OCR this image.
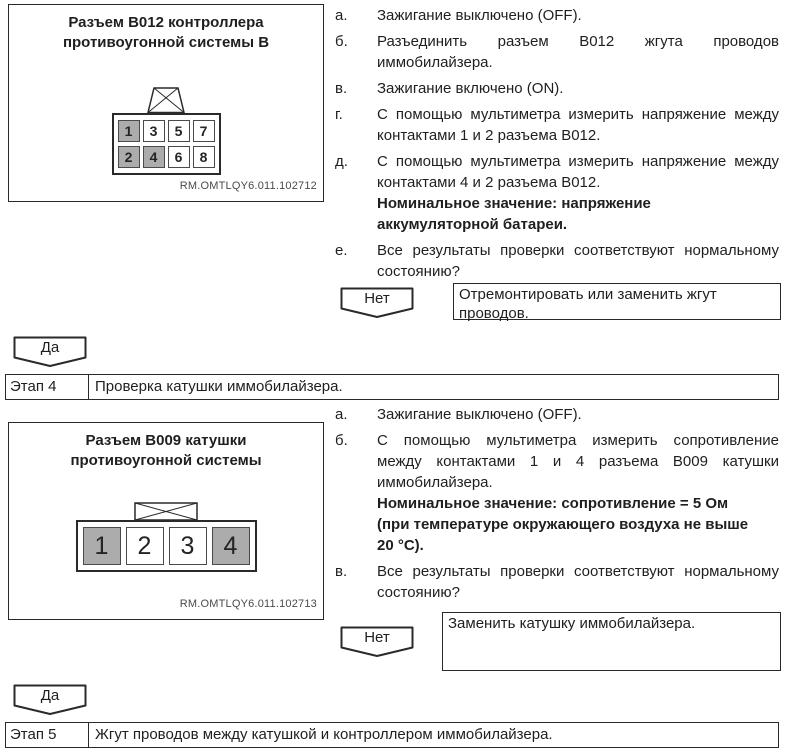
Разъем B012 контроллера противоугонной системы B
1	3	5	7
2	4	6	8
RM.OMTLQY6.011.102712
а.	Зажигание выключено (OFF).
б.	Разъединить разъем B012 жгута проводов иммобилайзера.
в.	Зажигание включено (ON).
г.	С помощью мультиметра измерить напряжение между контактами 1 и 2 разъема B012.
д.	С помощью мультиметра измерить напряжение между контактами 4 и 2 разъема B012.
Номинальное значение: напряжение
аккумуляторной батареи.
е.	Все результаты проверки соответствуют нормальному состоянию?
Нет	Отремонтировать или заменить жгут проводов.
Да
Этап 4	Проверка катушки иммобилайзера.
Разъем B009 катушки противоугонной системы
1	2	3	4
RM.OMTLQY6.011.102713
а.	Зажигание выключено (OFF).
б.	С помощью мультиметра измерить сопротивление между контактами 1 и 4 разъема B009 катушки иммобилайзера.
Номинальное значение: сопротивление = 5 Ом
(при температуре окружающего воздуха не выше
20 °C).
в.	Все результаты проверки соответствуют нормальному состоянию?
Нет
Заменить катушку иммобилайзера.
Да
Этап 5	Жгут проводов между катушкой и контроллером иммобилайзера.
